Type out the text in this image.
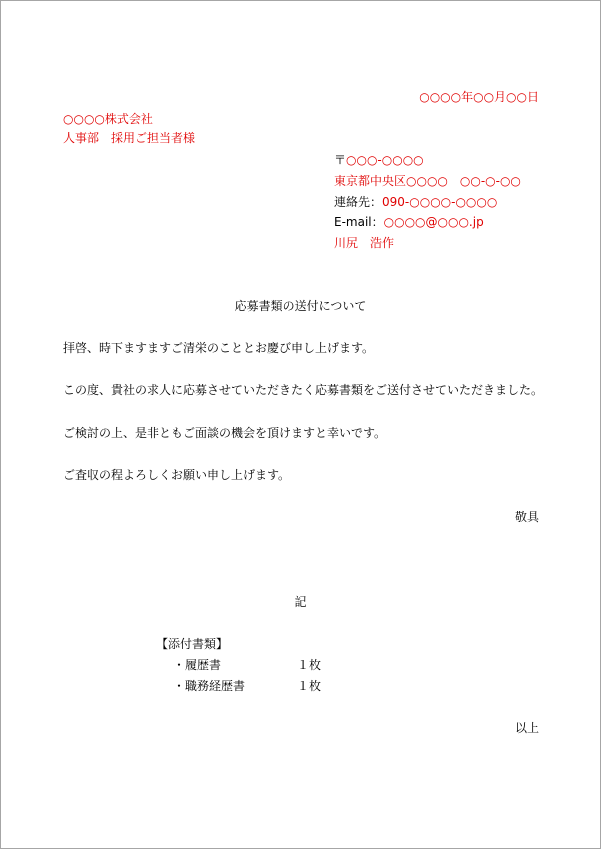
○○○○年○○月○○日
○○○○株式会社
人事部　採用ご担当者様
〒○○○-○○○○
東京都中央区○○○○　○○-○-○○
連絡先：090-○○○○-○○○○
E-mail：○○○○@○○○.jp
川尻　浩作
応募書類の送付について
拝啓、時下ますますご清栄のこととお慶び申し上げます。
この度、貴社の求人に応募させていただきたく応募書類をご送付させていただきました。
ご検討の上、是非ともご面談の機会を頂けますと幸いです。
ご査収の程よろしくお願い申し上げます。
敬具
記
【添付書類】
・履歴書	１枚
・職務経歴書	１枚
以上
